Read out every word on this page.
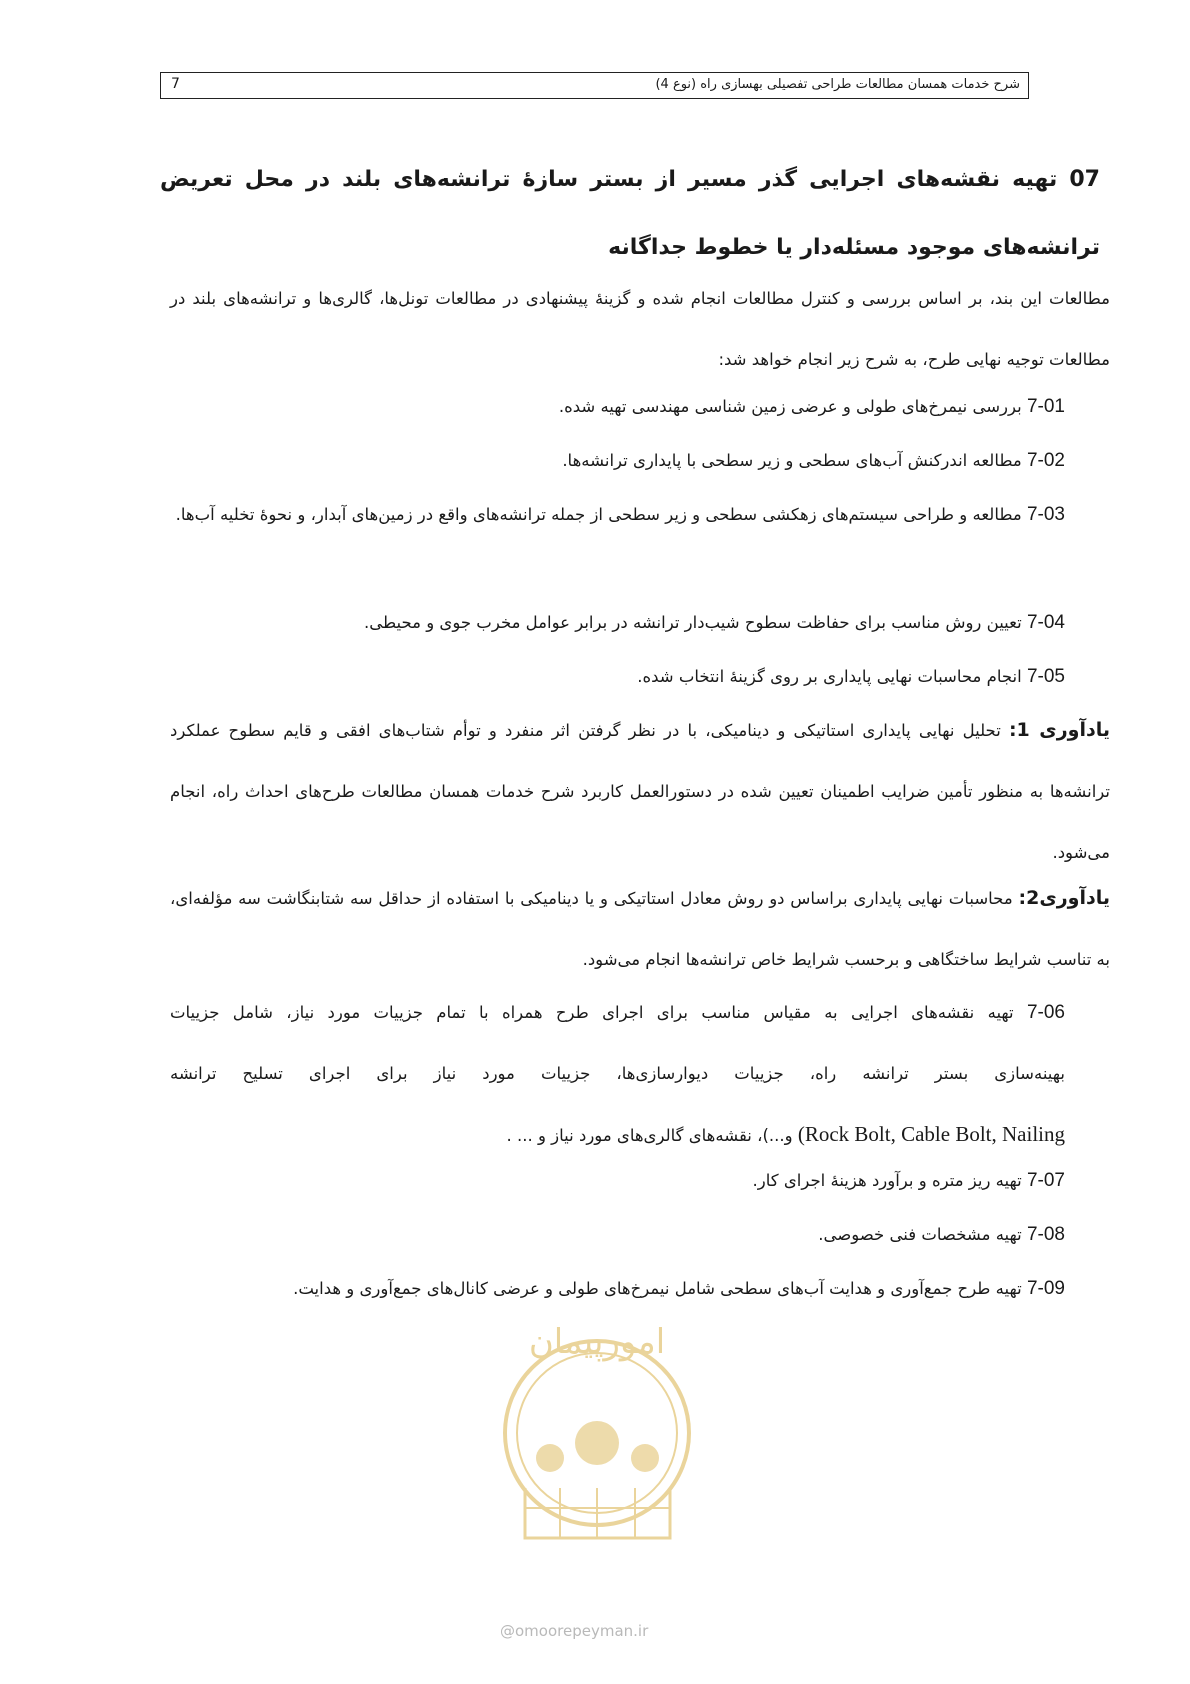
شرح خدمات همسان مطالعات طراحی تفصیلی بهسازی راه (نوع 4)
7
07 تهیه نقشه‌های اجرایی گذر مسیر از بستر سازۀ ترانشه‌های بلند در محل تعریض ترانشه‌های موجود مسئله‌دار یا خطوط جداگانه
مطالعات این بند، بر اساس بررسی و کنترل مطالعات انجام شده و گزینۀ پیشنهادی در مطالعات تونل‌ها، گالری‌ها و ترانشه‌های بلند در مطالعات توجیه نهایی طرح، به شرح زیر انجام خواهد شد:
7-01 بررسی نیمرخ‌های طولی و عرضی زمین شناسی مهندسی تهیه شده.
7-02 مطالعه اندرکنش آب‌های سطحی و زیر سطحی با پایداری ترانشه‌ها.
7-03 مطالعه و طراحی سیستم‌های زهکشی سطحی و زیر سطحی از جمله ترانشه‌های واقع در زمین‌های آبدار، و نحوۀ تخلیه آب‌ها.
7-04 تعیین روش مناسب برای حفاظت سطوح شیب‌دار ترانشه در برابر عوامل مخرب جوی و محیطی.
7-05 انجام محاسبات نهایی پایداری بر روی گزینۀ انتخاب شده.
یادآوری 1: تحلیل نهایی پایداری استاتیکی و دینامیکی، با در نظر گرفتن اثر منفرد و توأم شتاب‌های افقی و قایم سطوح عملکرد ترانشه‌ها به منظور تأمین ضرایب اطمینان تعیین شده در دستورالعمل کاربرد شرح خدمات همسان مطالعات طرح‌های احداث راه، انجام می‌شود.
یادآوری2: محاسبات نهایی پایداری براساس دو روش معادل استاتیکی و یا دینامیکی با استفاده از حداقل سه شتابنگاشت سه مؤلفه‌ای، به تناسب شرایط ساختگاهی و برحسب شرایط خاص ترانشه‌ها انجام می‌شود.
7-06 تهیه نقشه‌های اجرایی به مقیاس مناسب برای اجرای طرح همراه با تمام جزییات مورد نیاز، شامل جزییات
بهینه‌سازی بستر ترانشه راه، جزییات دیوارسازی‌ها، جزییات مورد نیاز برای اجرای تسلیح ترانشه
(Rock Bolt, Cable Bolt, Nailing و...)، نقشه‌های گالری‌های مورد نیاز و ... .
7-07 تهیه ریز متره و برآورد هزینۀ اجرای کار.
7-08 تهیه مشخصات فنی خصوصی.
7-09 تهیه طرح جمع‌آوری و هدایت آب‌های سطحی شامل نیمرخ‌های طولی و عرضی کانال‌های جمع‌آوری و هدایت.
امورپیمان
@omoorepeyman.ir
